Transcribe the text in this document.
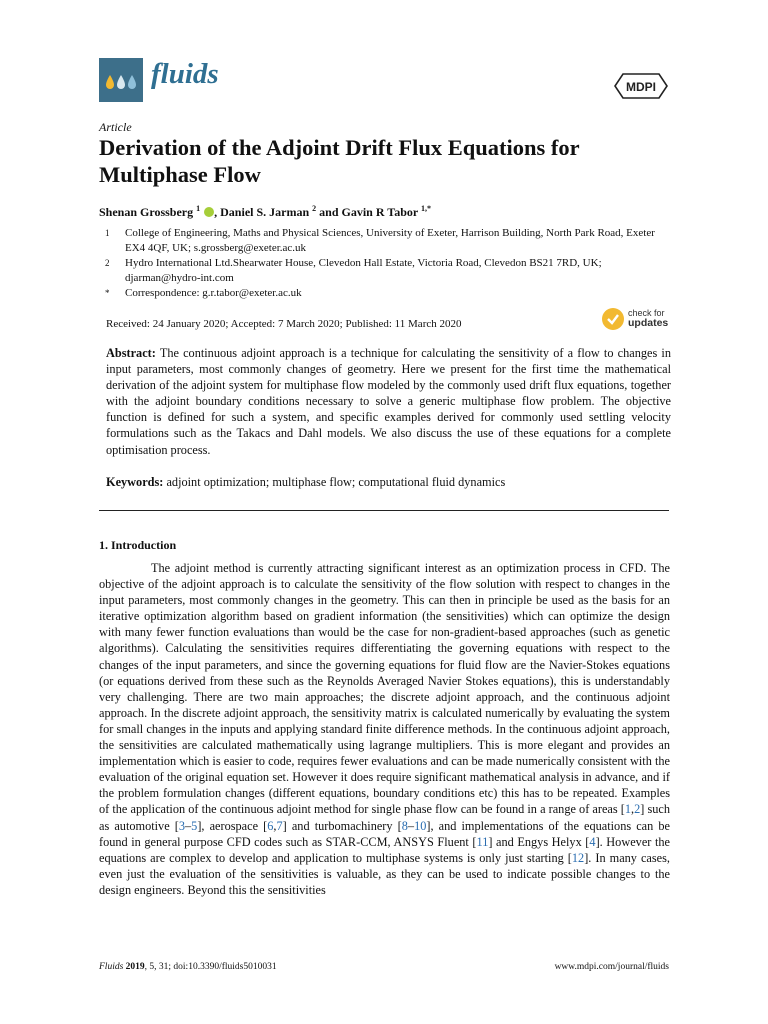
fluids	MDPI
Article
Derivation of the Adjoint Drift Flux Equations for Multiphase Flow
Shenan Grossberg $^1$ , Daniel S. Jarman $^2$ and Gavin R Tabor $^{1,*}$
1 College of Engineering, Maths and Physical Sciences, University of Exeter, Harrison Building, North Park Road, Exeter EX4 4QF, UK; s.grossberg@exeter.ac.uk
2 Hydro International Ltd.Shearwater House, Clevedon Hall Estate, Victoria Road, Clevedon BS21 7RD, UK; djarman@hydro-int.com
* Correspondence: g.r.tabor@exeter.ac.uk
Received: 24 January 2020; Accepted: 7 March 2020; Published: 11 March 2020
check for
updates
Abstract: The continuous adjoint approach is a technique for calculating the sensitivity of a flow to changes in input parameters, most commonly changes of geometry. Here we present for the first time the mathematical derivation of the adjoint system for multiphase flow modeled by the commonly used drift flux equations, together with the adjoint boundary conditions necessary to solve a generic multiphase flow problem. The objective function is defined for such a system, and specific examples derived for commonly used settling velocity formulations such as the Takacs and Dahl models. We also discuss the use of these equations for a complete optimisation process.
Keywords: adjoint optimization; multiphase flow; computational fluid dynamics
1. Introduction
The adjoint method is currently attracting significant interest as an optimization process in CFD. The objective of the adjoint approach is to calculate the sensitivity of the flow solution with respect to changes in the input parameters, most commonly changes in the geometry. This can then in principle be used as the basis for an iterative optimization algorithm based on gradient information (the sensitivities) which can optimize the design with many fewer function evaluations than would be the case for non-gradient-based approaches (such as genetic algorithms). Calculating the sensitivities requires differentiating the governing equations with respect to the changes of the input parameters, and since the governing equations for fluid flow are the Navier-Stokes equations (or equations derived from these such as the Reynolds Averaged Navier Stokes equations), this is understandably very challenging. There are two main approaches; the discrete adjoint approach, and the continuous adjoint approach. In the discrete adjoint approach, the sensitivity matrix is calculated numerically by evaluating the system for small changes in the inputs and applying standard finite difference methods. In the continuous adjoint approach, the sensitivities are calculated mathematically using lagrange multipliers. This is more elegant and provides an implementation which is easier to code, requires fewer evaluations and can be made numerically consistent with the evaluation of the original equation set. However it does require significant mathematical analysis in advance, and if the problem formulation changes (different equations, boundary conditions etc) this has to be repeated. Examples of the application of the continuous adjoint method for single phase flow can be found in a range of areas [1,2] such as automotive [3–5], aerospace [6,7] and turbomachinery [8–10], and implementations of the equations can be found in general purpose CFD codes such as STAR-CCM, ANSYS Fluent [11] and Engys Helyx [4]. However the equations are complex to develop and application to multiphase systems is only just starting [12]. In many cases, even just the evaluation of the sensitivities is valuable, as they can be used to indicate possible changes to the design engineers. Beyond this the sensitivities
Fluids 2019, 5, 31; doi:10.3390/fluids5010031	www.mdpi.com/journal/fluids
